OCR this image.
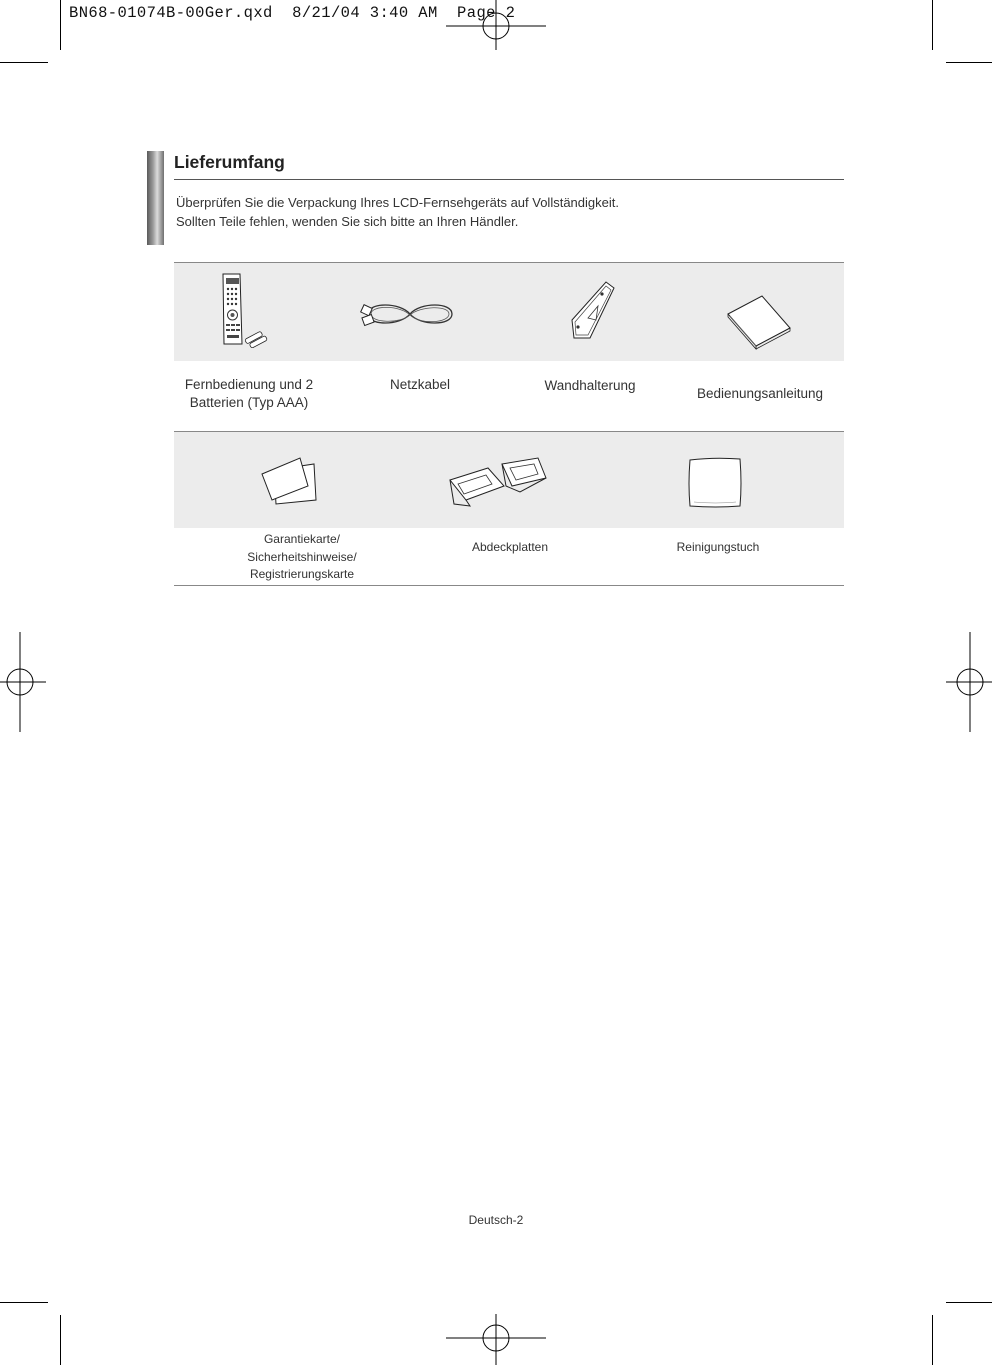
BN68-01074B-00Ger.qxd  8/21/04 3:40 AM  Page 2
Lieferumfang
Überprüfen Sie die Verpackung Ihres LCD-Fernsehgeräts auf Vollständigkeit.
Sollten Teile fehlen, wenden Sie sich bitte an Ihren Händler.
Fernbedienung und 2
Batterien (Typ AAA)
Netzkabel	Wandhalterung
Bedienungsanleitung
Garantiekarte/
Sicherheitshinweise/
Registrierungskarte
Abdeckplatten	Reinigungstuch
Deutsch-2
